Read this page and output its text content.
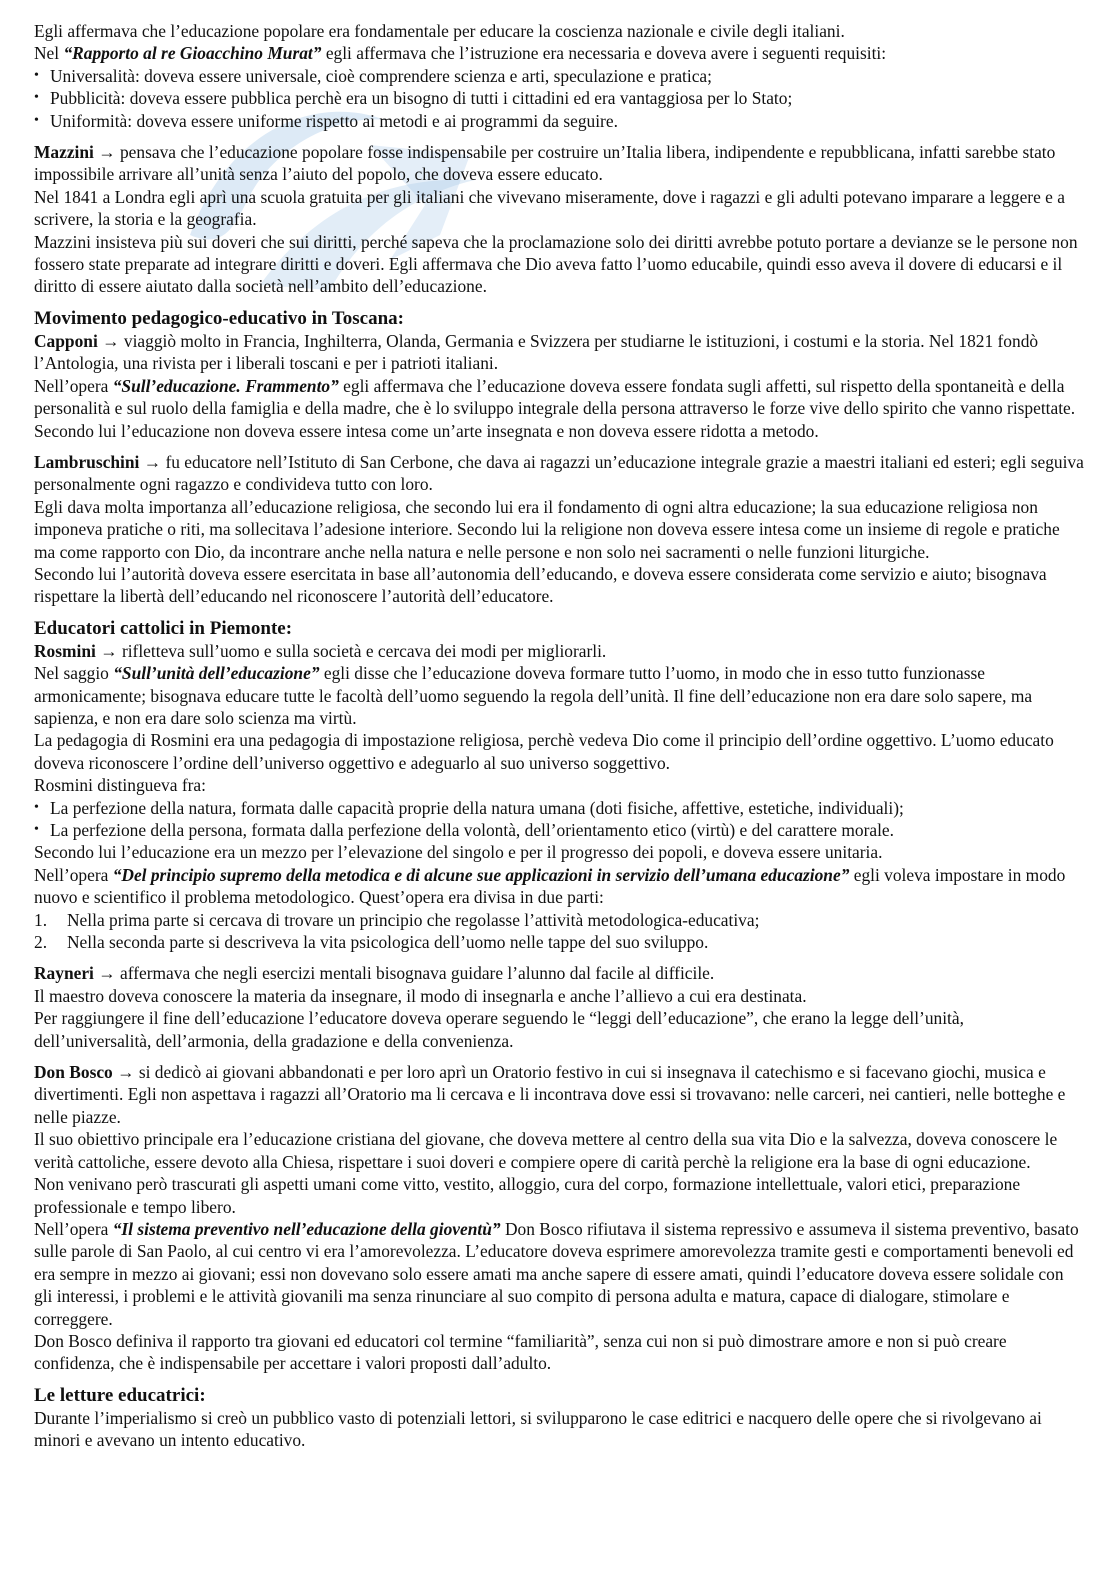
Egli affermava che l’educazione popolare era fondamentale per educare la coscienza nazionale e civile degli italiani.

Nel “Rapporto al re Gioacchino Murat” egli affermava che l’istruzione era necessaria e doveva avere i seguenti requisiti:

• Universalità: doveva essere universale, cioè comprendere scienza e arti, speculazione e pratica;
• Pubblicità: doveva essere pubblica perchè era un bisogno di tutti i cittadini ed era vantaggiosa per lo Stato;
• Uniformità: doveva essere uniforme rispetto ai metodi e ai programmi da seguire.

Mazzini → pensava che l’educazione popolare fosse indispensabile per costruire un’Italia libera, indipendente e repubblicana, infatti sarebbe stato impossibile arrivare all’unità senza l’aiuto del popolo, che doveva essere educato.

Nel 1841 a Londra egli aprì una scuola gratuita per gli italiani che vivevano miseramente, dove i ragazzi e gli adulti potevano imparare a leggere e a scrivere, la storia e la geografia.

Mazzini insisteva più sui doveri che sui diritti, perché sapeva che la proclamazione solo dei diritti avrebbe potuto portare a devianze se le persone non fossero state preparate ad integrare diritti e doveri. Egli affermava che Dio aveva fatto l’uomo educabile, quindi esso aveva il dovere di educarsi e il diritto di essere aiutato dalla società nell’ambito dell’educazione.

Movimento pedagogico-educativo in Toscana:

Capponi → viaggiò molto in Francia, Inghilterra, Olanda, Germania e Svizzera per studiarne le istituzioni, i costumi e la storia. Nel 1821 fondò l’Antologia, una rivista per i liberali toscani e per i patrioti italiani.

Nell’opera “Sull’educazione. Frammento” egli affermava che l’educazione doveva essere fondata sugli affetti, sul rispetto della spontaneità e della personalità e sul ruolo della famiglia e della madre, che è lo sviluppo integrale della persona attraverso le forze vive dello spirito che vanno rispettate. Secondo lui l’educazione non doveva essere intesa come un’arte insegnata e non doveva essere ridotta a metodo.

Lambruschini → fu educatore nell’Istituto di San Cerbone, che dava ai ragazzi un’educazione integrale grazie a maestri italiani ed esteri; egli seguiva personalmente ogni ragazzo e condivideva tutto con loro.

Egli dava molta importanza all’educazione religiosa, che secondo lui era il fondamento di ogni altra educazione; la sua educazione religiosa non imponeva pratiche o riti, ma sollecitava l’adesione interiore. Secondo lui la religione non doveva essere intesa come un insieme di regole e pratiche ma come rapporto con Dio, da incontrare anche nella natura e nelle persone e non solo nei sacramenti o nelle funzioni liturgiche.

Secondo lui l’autorità doveva essere esercitata in base all’autonomia dell’educando, e doveva essere considerata come servizio e aiuto; bisognava rispettare la libertà dell’educando nel riconoscere l’autorità dell’educatore.

Educatori cattolici in Piemonte:

Rosmini → rifletteva sull’uomo e sulla società e cercava dei modi per migliorarli.

Nel saggio “Sull’unità dell’educazione” egli disse che l’educazione doveva formare tutto l’uomo, in modo che in esso tutto funzionasse armonicamente; bisognava educare tutte le facoltà dell’uomo seguendo la regola dell’unità. Il fine dell’educazione non era dare solo sapere, ma sapienza, e non era dare solo scienza ma virtù.

La pedagogia di Rosmini era una pedagogia di impostazione religiosa, perchè vedeva Dio come il principio dell’ordine oggettivo. L’uomo educato doveva riconoscere l’ordine dell’universo oggettivo e adeguarlo al suo universo soggettivo.

Rosmini distingueva fra:

• La perfezione della natura, formata dalle capacità proprie della natura umana (doti fisiche, affettive, estetiche, individuali);
• La perfezione della persona, formata dalla perfezione della volontà, dell’orientamento etico (virtù) e del carattere morale.

Secondo lui l’educazione era un mezzo per l’elevazione del singolo e per il progresso dei popoli, e doveva essere unitaria.

Nell’opera “Del principio supremo della metodica e di alcune sue applicazioni in servizio dell’umana educazione” egli voleva impostare in modo nuovo e scientifico il problema metodologico. Quest’opera era divisa in due parti:

1. Nella prima parte si cercava di trovare un principio che regolasse l’attività metodologica-educativa;
2. Nella seconda parte si descriveva la vita psicologica dell’uomo nelle tappe del suo sviluppo.

Rayneri → affermava che negli esercizi mentali bisognava guidare l’alunno dal facile al difficile.

Il maestro doveva conoscere la materia da insegnare, il modo di insegnarla e anche l’allievo a cui era destinata.

Per raggiungere il fine dell’educazione l’educatore doveva operare seguendo le “leggi dell’educazione”, che erano la legge dell’unità, dell’universalità, dell’armonia, della gradazione e della convenienza.

Don Bosco → si dedicò ai giovani abbandonati e per loro aprì un Oratorio festivo in cui si insegnava il catechismo e si facevano giochi, musica e divertimenti. Egli non aspettava i ragazzi all’Oratorio ma li cercava e li incontrava dove essi si trovavano: nelle carceri, nei cantieri, nelle botteghe e nelle piazze.

Il suo obiettivo principale era l’educazione cristiana del giovane, che doveva mettere al centro della sua vita Dio e la salvezza, doveva conoscere le verità cattoliche, essere devoto alla Chiesa, rispettare i suoi doveri e compiere opere di carità perchè la religione era la base di ogni educazione.

Non venivano però trascurati gli aspetti umani come vitto, vestito, alloggio, cura del corpo, formazione intellettuale, valori etici, preparazione professionale e tempo libero.

Nell’opera “Il sistema preventivo nell’educazione della gioventù” Don Bosco rifiutava il sistema repressivo e assumeva il sistema preventivo, basato sulle parole di San Paolo, al cui centro vi era l’amorevolezza. L’educatore doveva esprimere amorevolezza tramite gesti e comportamenti benevoli ed era sempre in mezzo ai giovani; essi non dovevano solo essere amati ma anche sapere di essere amati, quindi l’educatore doveva essere solidale con gli interessi, i problemi e le attività giovanili ma senza rinunciare al suo compito di persona adulta e matura, capace di dialogare, stimolare e correggere.

Don Bosco definiva il rapporto tra giovani ed educatori col termine “familiarità”, senza cui non si può dimostrare amore e non si può creare confidenza, che è indispensabile per accettare i valori proposti dall’adulto.

Le letture educatrici:

Durante l’imperialismo si creò un pubblico vasto di potenziali lettori, si svilupparono le case editrici e nacquero delle opere che si rivolgevano ai minori e avevano un intento educativo.
